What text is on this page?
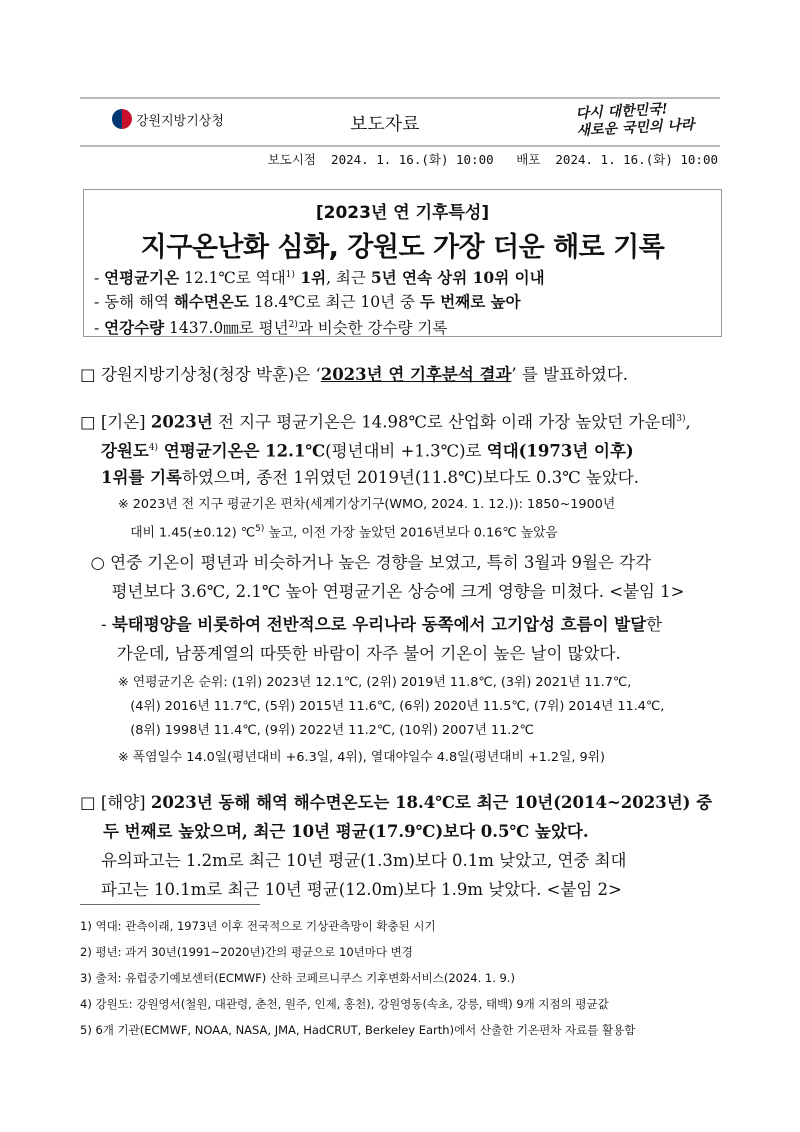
강원지방기상청	보도자료
다시 대한민국!
새로운 국민의 나라
보도시점  2024. 1. 16.(화) 10:00   배포  2024. 1. 16.(화) 10:00
[2023년 연 기후특성]
지구온난화 심화, 강원도 가장 더운 해로 기록
- 연평균기온 12.1℃로 역대$^{1)}$ 1위, 최근 5년 연속 상위 10위 이내
- 동해 해역 해수면온도 18.4℃로 최근 10년 중 두 번째로 높아
- 연강수량 1437.0㎜로 평년$^{2)}$과 비슷한 강수량 기록
□ 강원지방기상청(청장 박훈)은 ‘2023년 연 기후분석 결과’ 를 발표하였다.
□ [기온] 2023년 전 지구 평균기온은 14.98℃로 산업화 이래 가장 높았던 가운데$^{3)}$,
강원도$^{4)}$ 연평균기온은 12.1℃(평년대비 +1.3℃)로 역대(1973년 이후)
1위를 기록하였으며, 종전 1위였던 2019년(11.8℃)보다도 0.3℃ 높았다.
※ 2023년 전 지구 평균기온 편차(세계기상기구(WMO, 2024. 1. 12.)): 1850~1900년
대비 1.45(±0.12) ℃$^{5)}$ 높고, 이전 가장 높았던 2016년보다 0.16℃ 높았음
○ 연중 기온이 평년과 비슷하거나 높은 경향을 보였고, 특히 3월과 9월은 각각
평년보다 3.6℃, 2.1℃ 높아 연평균기온 상승에 크게 영향을 미쳤다. <붙임 1>
- 북태평양을 비롯하여 전반적으로 우리나라 동쪽에서 고기압성 흐름이 발달한
가운데, 남풍계열의 따뜻한 바람이 자주 불어 기온이 높은 날이 많았다.
※ 연평균기온 순위: (1위) 2023년 12.1℃, (2위) 2019년 11.8℃, (3위) 2021년 11.7℃,
(4위) 2016년 11.7℃, (5위) 2015년 11.6℃, (6위) 2020년 11.5℃, (7위) 2014년 11.4℃,
(8위) 1998년 11.4℃, (9위) 2022년 11.2℃, (10위) 2007년 11.2℃
※ 폭염일수 14.0일(평년대비 +6.3일, 4위), 열대야일수 4.8일(평년대비 +1.2일, 9위)
□ [해양] 2023년 동해 해역 해수면온도는 18.4℃로 최근 10년(2014~2023년) 중
두 번째로 높았으며, 최근 10년 평균(17.9℃)보다 0.5℃ 높았다.
유의파고는 1.2m로 최근 10년 평균(1.3m)보다 0.1m 낮았고, 연중 최대
파고는 10.1m로 최근 10년 평균(12.0m)보다 1.9m 낮았다. <붙임 2>
1) 역대: 관측이래, 1973년 이후 전국적으로 기상관측망이 확충된 시기
2) 평년: 과거 30년(1991~2020년)간의 평균으로 10년마다 변경
3) 출처: 유럽중기예보센터(ECMWF) 산하 코페르니쿠스 기후변화서비스(2024. 1. 9.)
4) 강원도: 강원영서(철원, 대관령, 춘천, 원주, 인제, 홍천), 강원영동(속초, 강릉, 태백) 9개 지점의 평균값
5) 6개 기관(ECMWF, NOAA, NASA, JMA, HadCRUT, Berkeley Earth)에서 산출한 기온편차 자료를 활용함
